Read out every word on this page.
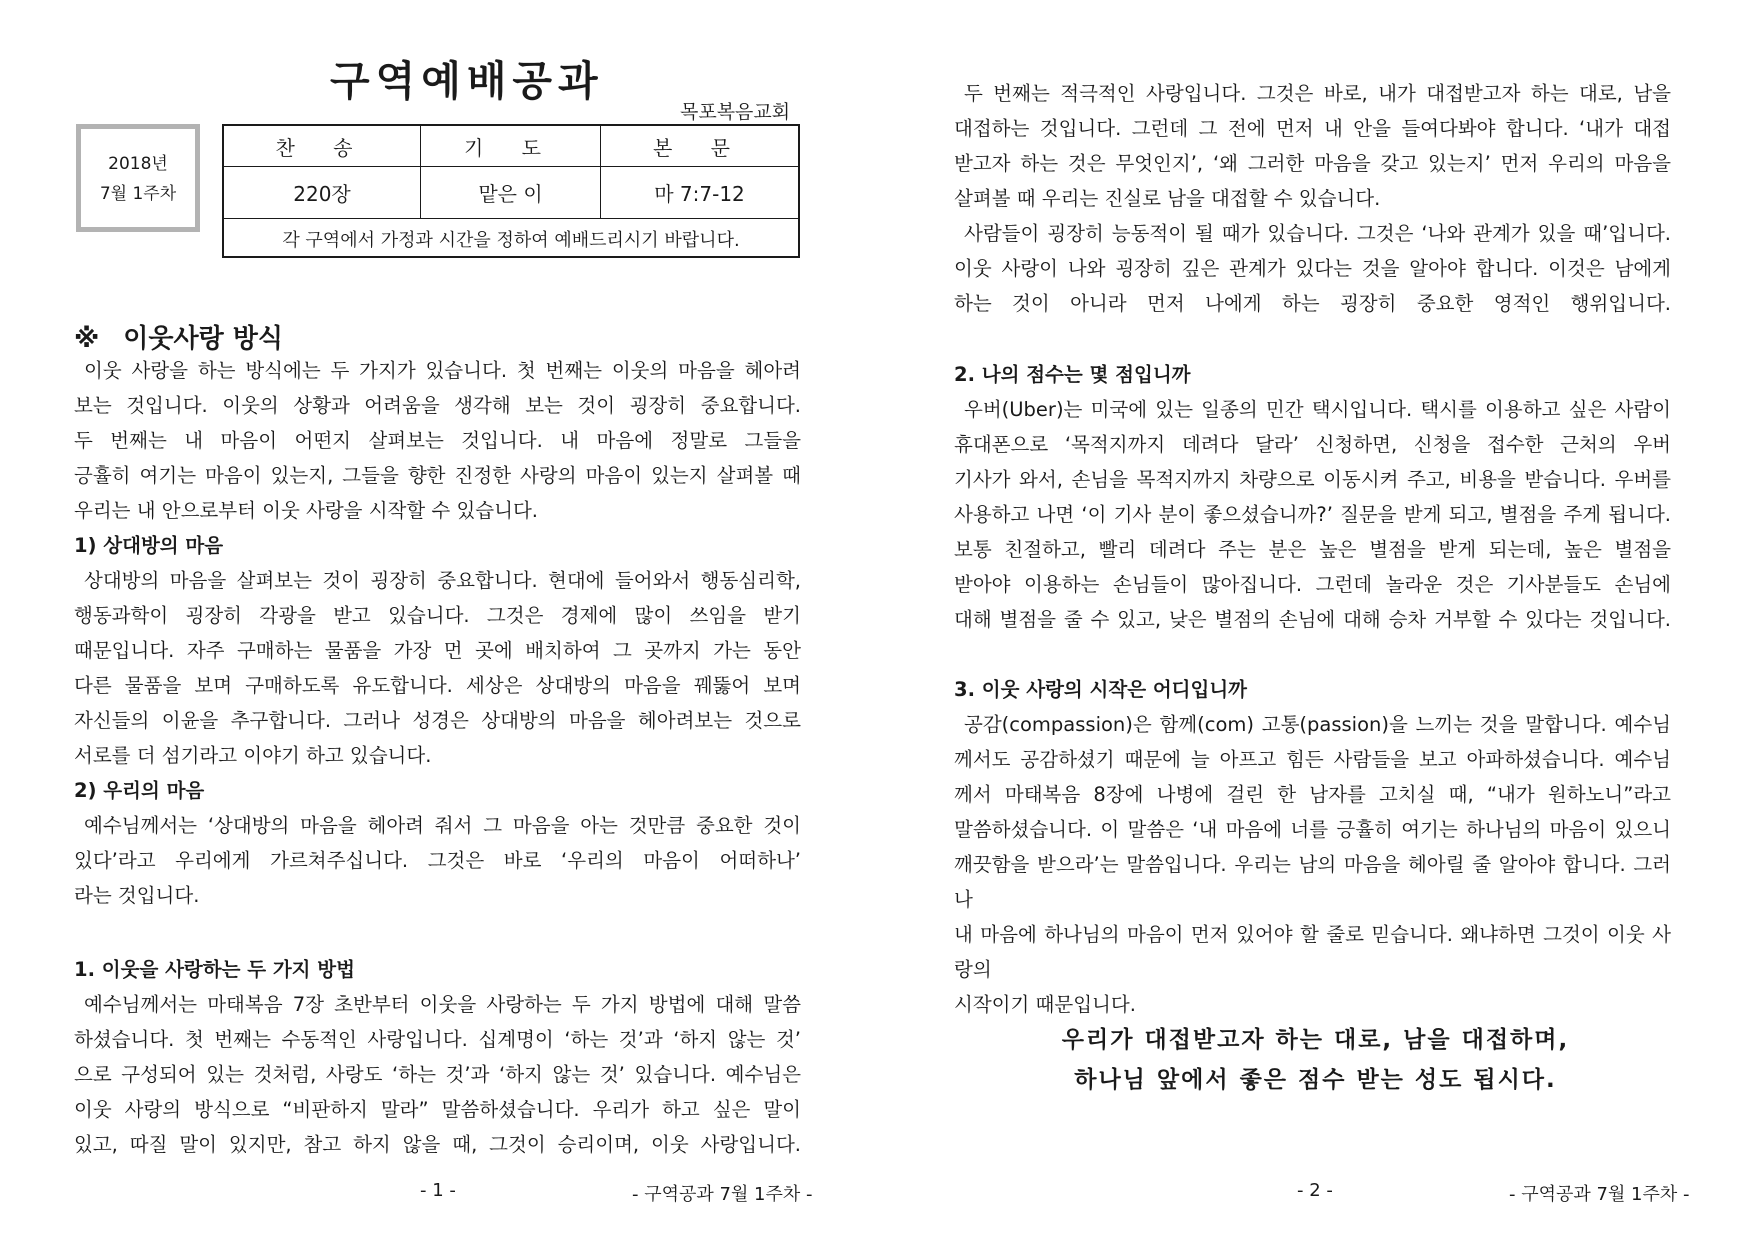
구역예배공과
목포복음교회
2018년
7월 1주차
찬 송	기 도	본 문
220장	맡은 이	마 7:7-12
각 구역에서 가정과 시간을 정하여 예배드리시기 바랍니다.
※ 이웃사랑 방식
이웃 사랑을 하는 방식에는 두 가지가 있습니다. 첫 번째는 이웃의 마음을 헤아려
보는 것입니다. 이웃의 상황과 어려움을 생각해 보는 것이 굉장히 중요합니다.
두 번째는 내 마음이 어떤지 살펴보는 것입니다. 내 마음에 정말로 그들을
긍휼히 여기는 마음이 있는지, 그들을 향한 진정한 사랑의 마음이 있는지 살펴볼 때
우리는 내 안으로부터 이웃 사랑을 시작할 수 있습니다.
1) 상대방의 마음
상대방의 마음을 살펴보는 것이 굉장히 중요합니다. 현대에 들어와서 행동심리학,
행동과학이 굉장히 각광을 받고 있습니다. 그것은 경제에 많이 쓰임을 받기
때문입니다. 자주 구매하는 물품을 가장 먼 곳에 배치하여 그 곳까지 가는 동안
다른 물품을 보며 구매하도록 유도합니다. 세상은 상대방의 마음을 꿰뚫어 보며
자신들의 이윤을 추구합니다. 그러나 성경은 상대방의 마음을 헤아려보는 것으로
서로를 더 섬기라고 이야기 하고 있습니다.
2) 우리의 마음
예수님께서는 ‘상대방의 마음을 헤아려 줘서 그 마음을 아는 것만큼 중요한 것이
있다’라고 우리에게 가르쳐주십니다. 그것은 바로 ‘우리의 마음이 어떠하나’
라는 것입니다.
1. 이웃을 사랑하는 두 가지 방법
예수님께서는 마태복음 7장 초반부터 이웃을 사랑하는 두 가지 방법에 대해 말씀
하셨습니다. 첫 번째는 수동적인 사랑입니다. 십계명이 ‘하는 것’과 ‘하지 않는 것’
으로 구성되어 있는 것처럼, 사랑도 ‘하는 것’과 ‘하지 않는 것’ 있습니다. 예수님은
이웃 사랑의 방식으로 “비판하지 말라” 말씀하셨습니다. 우리가 하고 싶은 말이
있고, 따질 말이 있지만, 참고 하지 않을 때, 그것이 승리이며, 이웃 사랑입니다.
- 1 -	- 구역공과 7월 1주차 -
두 번째는 적극적인 사랑입니다. 그것은 바로, 내가 대접받고자 하는 대로, 남을
대접하는 것입니다. 그런데 그 전에 먼저 내 안을 들여다봐야 합니다. ‘내가 대접
받고자 하는 것은 무엇인지’, ‘왜 그러한 마음을 갖고 있는지’ 먼저 우리의 마음을
살펴볼 때 우리는 진실로 남을 대접할 수 있습니다.
사람들이 굉장히 능동적이 될 때가 있습니다. 그것은 ‘나와 관계가 있을 때’입니다.
이웃 사랑이 나와 굉장히 깊은 관계가 있다는 것을 알아야 합니다. 이것은 남에게
하는 것이 아니라 먼저 나에게 하는 굉장히 중요한 영적인 행위입니다.
2. 나의 점수는 몇 점입니까
우버(Uber)는 미국에 있는 일종의 민간 택시입니다. 택시를 이용하고 싶은 사람이
휴대폰으로 ‘목적지까지 데려다 달라’ 신청하면, 신청을 접수한 근처의 우버
기사가 와서, 손님을 목적지까지 차량으로 이동시켜 주고, 비용을 받습니다. 우버를
사용하고 나면 ‘이 기사 분이 좋으셨습니까?’ 질문을 받게 되고, 별점을 주게 됩니다.
보통 친절하고, 빨리 데려다 주는 분은 높은 별점을 받게 되는데, 높은 별점을
받아야 이용하는 손님들이 많아집니다. 그런데 놀라운 것은 기사분들도 손님에
대해 별점을 줄 수 있고, 낮은 별점의 손님에 대해 승차 거부할 수 있다는 것입니다.
3. 이웃 사랑의 시작은 어디입니까
공감(compassion)은 함께(com) 고통(passion)을 느끼는 것을 말합니다. 예수님
께서도 공감하셨기 때문에 늘 아프고 힘든 사람들을 보고 아파하셨습니다. 예수님
께서 마태복음 8장에 나병에 걸린 한 남자를 고치실 때, “내가 원하노니”라고
말씀하셨습니다. 이 말씀은 ‘내 마음에 너를 긍휼히 여기는 하나님의 마음이 있으니
깨끗함을 받으라’는 말씀입니다. 우리는 남의 마음을 헤아릴 줄 알아야 합니다. 그러나
내 마음에 하나님의 마음이 먼저 있어야 할 줄로 믿습니다. 왜냐하면 그것이 이웃 사랑의
시작이기 때문입니다.
우리가 대접받고자 하는 대로, 남을 대접하며,
하나님 앞에서 좋은 점수 받는 성도 됩시다.
- 2 -	- 구역공과 7월 1주차 -
